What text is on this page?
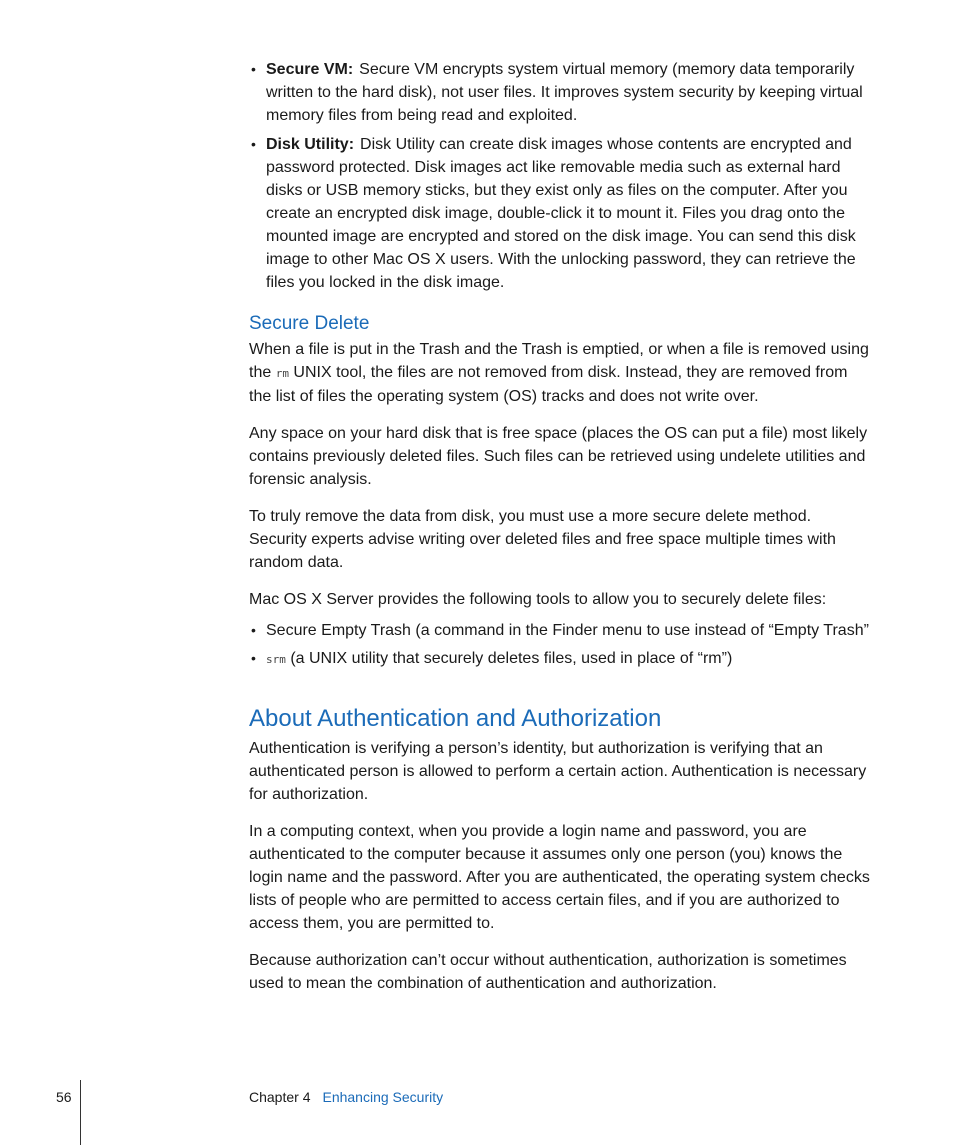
• Secure VM: Secure VM encrypts system virtual memory (memory data temporarily written to the hard disk), not user files. It improves system security by keeping virtual memory files from being read and exploited.
• Disk Utility: Disk Utility can create disk images whose contents are encrypted and password protected. Disk images act like removable media such as external hard disks or USB memory sticks, but they exist only as files on the computer. After you create an encrypted disk image, double-click it to mount it. Files you drag onto the mounted image are encrypted and stored on the disk image. You can send this disk image to other Mac OS X users. With the unlocking password, they can retrieve the files you locked in the disk image.
Secure Delete

When a file is put in the Trash and the Trash is emptied, or when a file is removed using the rm UNIX tool, the files are not removed from disk. Instead, they are removed from the list of files the operating system (OS) tracks and does not write over.

Any space on your hard disk that is free space (places the OS can put a file) most likely contains previously deleted files. Such files can be retrieved using undelete utilities and forensic analysis.

To truly remove the data from disk, you must use a more secure delete method. Security experts advise writing over deleted files and free space multiple times with random data.

Mac OS X Server provides the following tools to allow you to securely delete files:

• Secure Empty Trash (a command in the Finder menu to use instead of “Empty Trash”
• srm (a UNIX utility that securely deletes files, used in place of “rm”)
About Authentication and Authorization

Authentication is verifying a person’s identity, but authorization is verifying that an authenticated person is allowed to perform a certain action. Authentication is necessary for authorization.

In a computing context, when you provide a login name and password, you are authenticated to the computer because it assumes only one person (you) knows the login name and the password. After you are authenticated, the operating system checks lists of people who are permitted to access certain files, and if you are authorized to access them, you are permitted to.

Because authorization can’t occur without authentication, authorization is sometimes used to mean the combination of authentication and authorization.

56	Chapter 4 Enhancing Security
